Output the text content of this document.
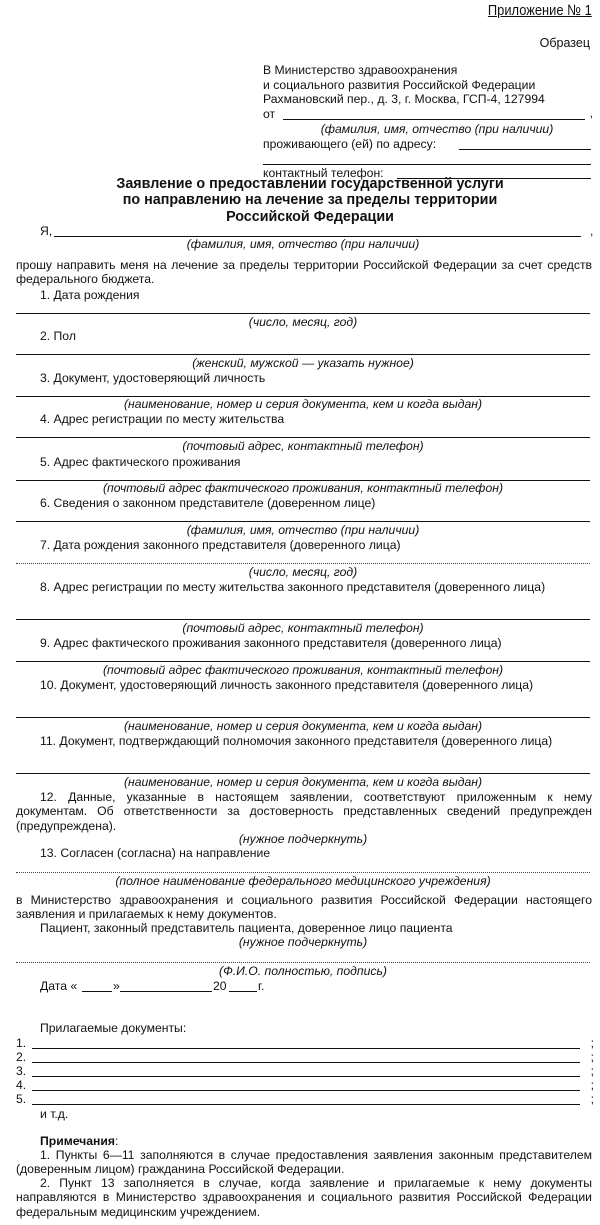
Приложение № 1
Образец
В Министерство здравоохранения
и социального развития Российской Федерации
Рахмановский пер., д. 3, г. Москва, ГСП-4, 127994
от	,
(фамилия, имя, отчество (при наличии)
проживающего (ей) по адресу:
контактный телефон:
Заявление о предоставлении государственной услуги
по направлению на лечение за пределы территории
Российской Федерации
Я,	,
(фамилия, имя, отчество (при наличии)
прошу направить меня на лечение за пределы территории Российской Федерации за счет средств федерального бюджета.
1. Дата рождения
(число, месяц, год)
2. Пол
(женский, мужской — указать нужное)
3. Документ, удостоверяющий личность
(наименование, номер и серия документа, кем и когда выдан)
4. Адрес регистрации по месту жительства
(почтовый адрес, контактный телефон)
5. Адрес фактического проживания
(почтовый адрес фактического проживания, контактный телефон)
6. Сведения о законном представителе (доверенном лице)
(фамилия, имя, отчество (при наличии)
7. Дата рождения законного представителя (доверенного лица)
(число, месяц, год)
8. Адрес регистрации по месту жительства законного представителя (доверенного лица)
(почтовый адрес, контактный телефон)
9. Адрес фактического проживания законного представителя (доверенного лица)
(почтовый адрес фактического проживания, контактный телефон)
10. Документ, удостоверяющий личность законного представителя (доверенного лица)
(наименование, номер и серия документа, кем и когда выдан)
11. Документ, подтверждающий полномочия законного представителя (доверенного лица)
(наименование, номер и серия документа, кем и когда выдан)
12. Данные, указанные в настоящем заявлении, соответствуют приложенным к нему документам. Об ответственности за достоверность представленных сведений предупрежден (предупреждена).
(нужное подчеркнуть)
13. Согласен (согласна) на направление
(полное наименование федерального медицинского учреждения)
в Министерство здравоохранения и социального развития Российской Федерации настоящего заявления и прилагаемых к нему документов.
Пациент, законный представитель пациента, доверенное лицо пациента
(нужное подчеркнуть)
(Ф.И.О. полностью, подпись)
Дата «	»	20	г.
Прилагаемые документы:
1.	;
2.	;
3.	;
4.	;
5.	;
и т.д.
Примечания:
1. Пункты 6—11 заполняются в случае предоставления заявления законным представителем (доверенным лицом) гражданина Российской Федерации.
2. Пункт 13 заполняется в случае, когда заявление и прилагаемые к нему документы направляются в Министерство здравоохранения и социального развития Российской Федерации федеральным медицинским учреждением.
